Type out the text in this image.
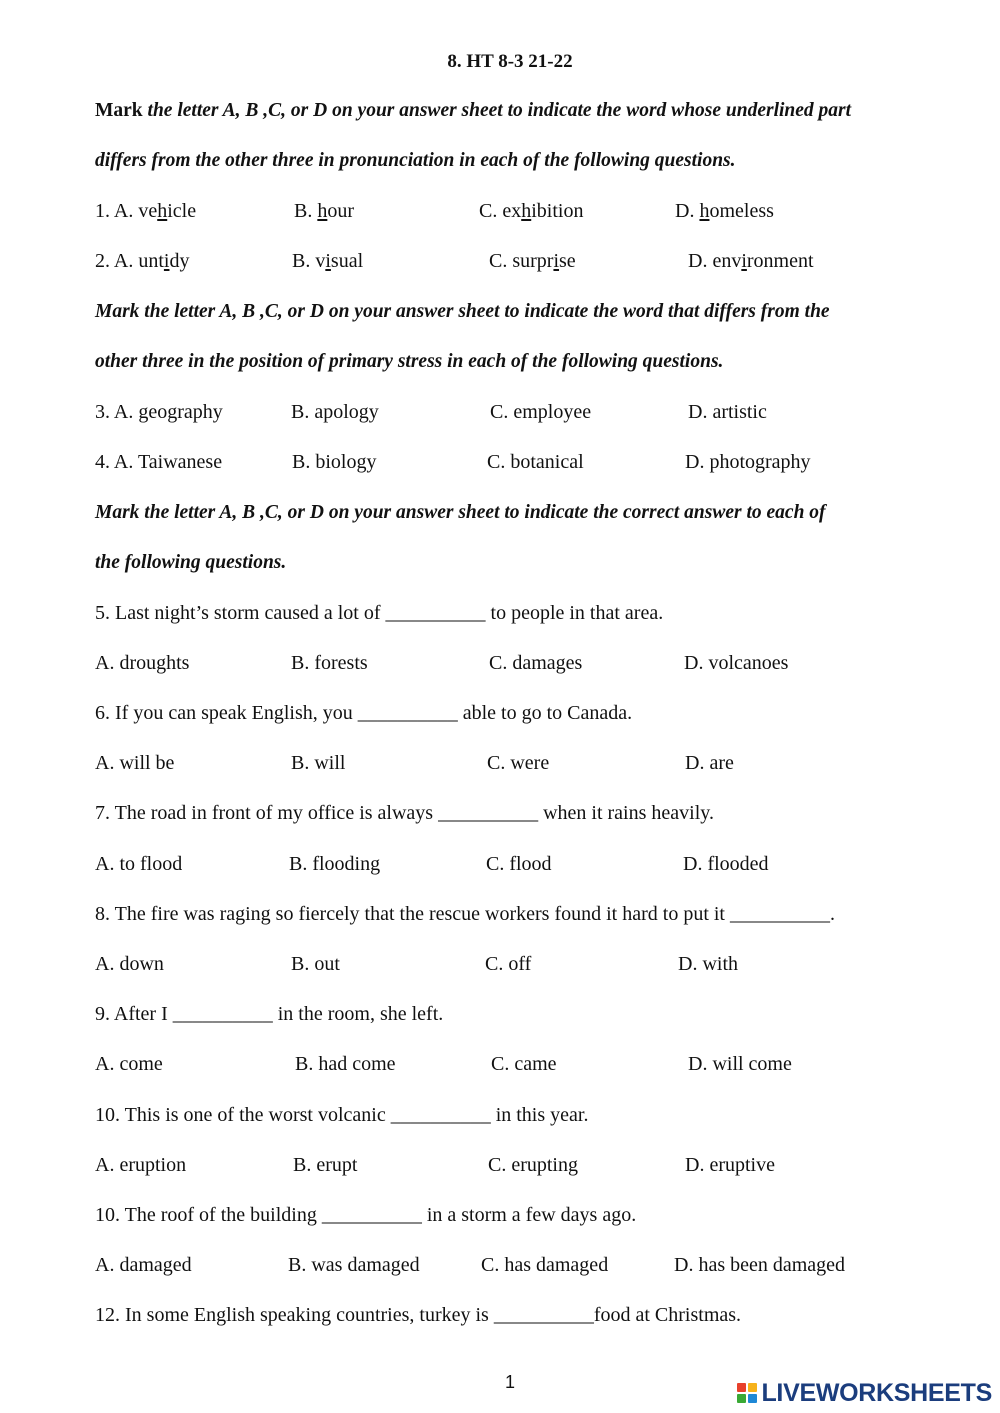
8. HT 8-3 21-22
Mark the letter A, B ,C, or D on your answer sheet to indicate the word whose underlined part
differs from the other three in pronunciation in each of the following questions.
1. A. vehicle	B. hour	C. exhibition	D. homeless
2. A. untidy	B. visual	C. surprise	D. environment
Mark the letter A, B ,C, or D on your answer sheet to indicate the word that differs from the
other three in the position of primary stress in each of the following questions.
3. A. geography	B. apology	C. employee	D. artistic
4. A. Taiwanese	B. biology	C. botanical	D. photography
Mark the letter A, B ,C, or D on your answer sheet to indicate the correct answer to each of
the following questions.
5. Last night’s storm caused a lot of __________ to people in that area.
A. droughts	B. forests	C. damages	D. volcanoes
6. If you can speak English, you __________ able to go to Canada.
A. will be	B. will	C. were	D. are
7. The road in front of my office is always __________ when it rains heavily.
A. to flood	B. flooding	C. flood	D. flooded
8. The fire was raging so fiercely that the rescue workers found it hard to put it __________.
A. down	B. out	C. off	D. with
9. After I __________ in the room, she left.
A. come	B. had come	C. came	D. will come
10. This is one of the worst volcanic __________ in this year.
A. eruption	B. erupt	C. erupting	D. eruptive
10. The roof of the building __________ in a storm a few days ago.
A. damaged	B. was damaged	C. has damaged	D. has been damaged
12. In some English speaking countries, turkey is __________food at Christmas.
1	LIVEWORKSHEETS
